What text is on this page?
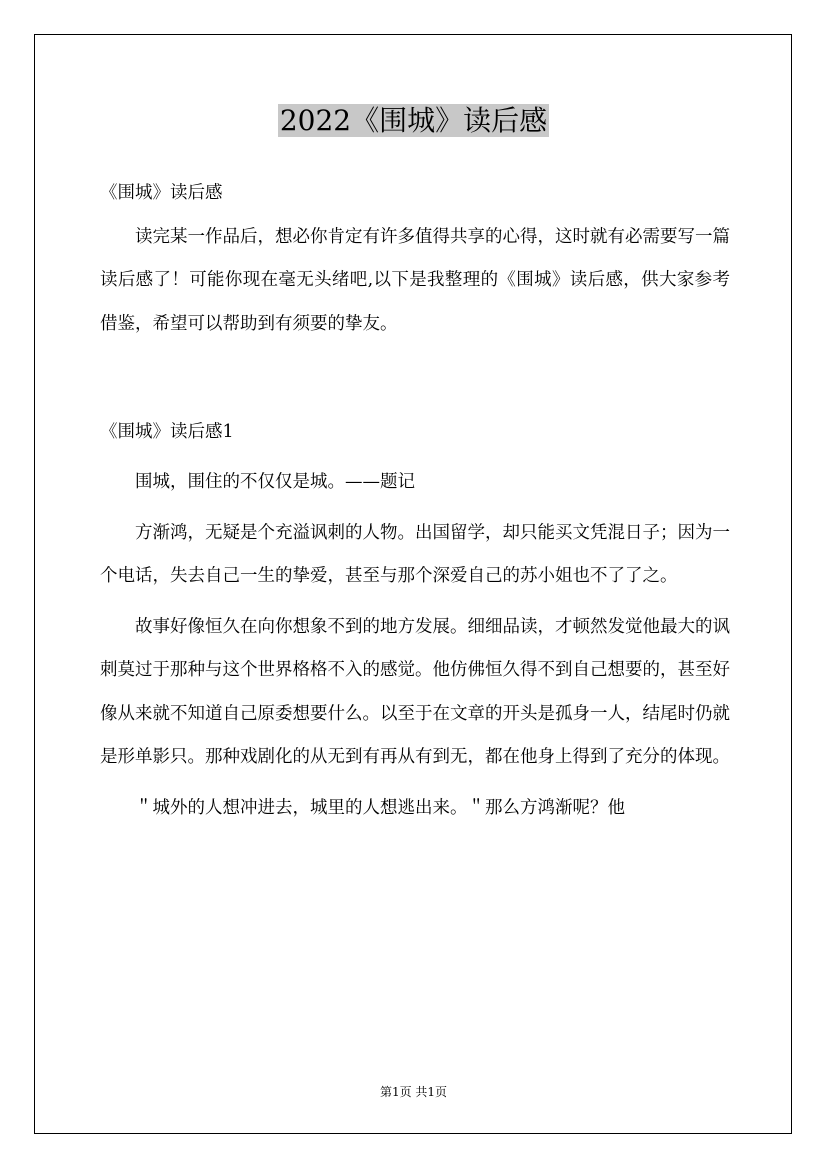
2022《围城》读后感

《围城》读后感

读完某一作品后，想必你肯定有许多值得共享的心得，这时就有必需要写一篇读后感了！可能你现在毫无头绪吧,以下是我整理的《围城》读后感，供大家参考借鉴，希望可以帮助到有须要的挚友。

《围城》读后感1

围城，围住的不仅仅是城。——题记

方渐鸿，无疑是个充溢讽刺的人物。出国留学，却只能买文凭混日子；因为一个电话，失去自己一生的挚爱，甚至与那个深爱自己的苏小姐也不了了之。

故事好像恒久在向你想象不到的地方发展。细细品读，才顿然发觉他最大的讽刺莫过于那种与这个世界格格不入的感觉。他仿佛恒久得不到自己想要的，甚至好像从来就不知道自己原委想要什么。以至于在文章的开头是孤身一人，结尾时仍就是形单影只。那种戏剧化的从无到有再从有到无，都在他身上得到了充分的体现。

＂城外的人想冲进去，城里的人想逃出来。＂那么方鸿渐呢？他

第1页 共1页
